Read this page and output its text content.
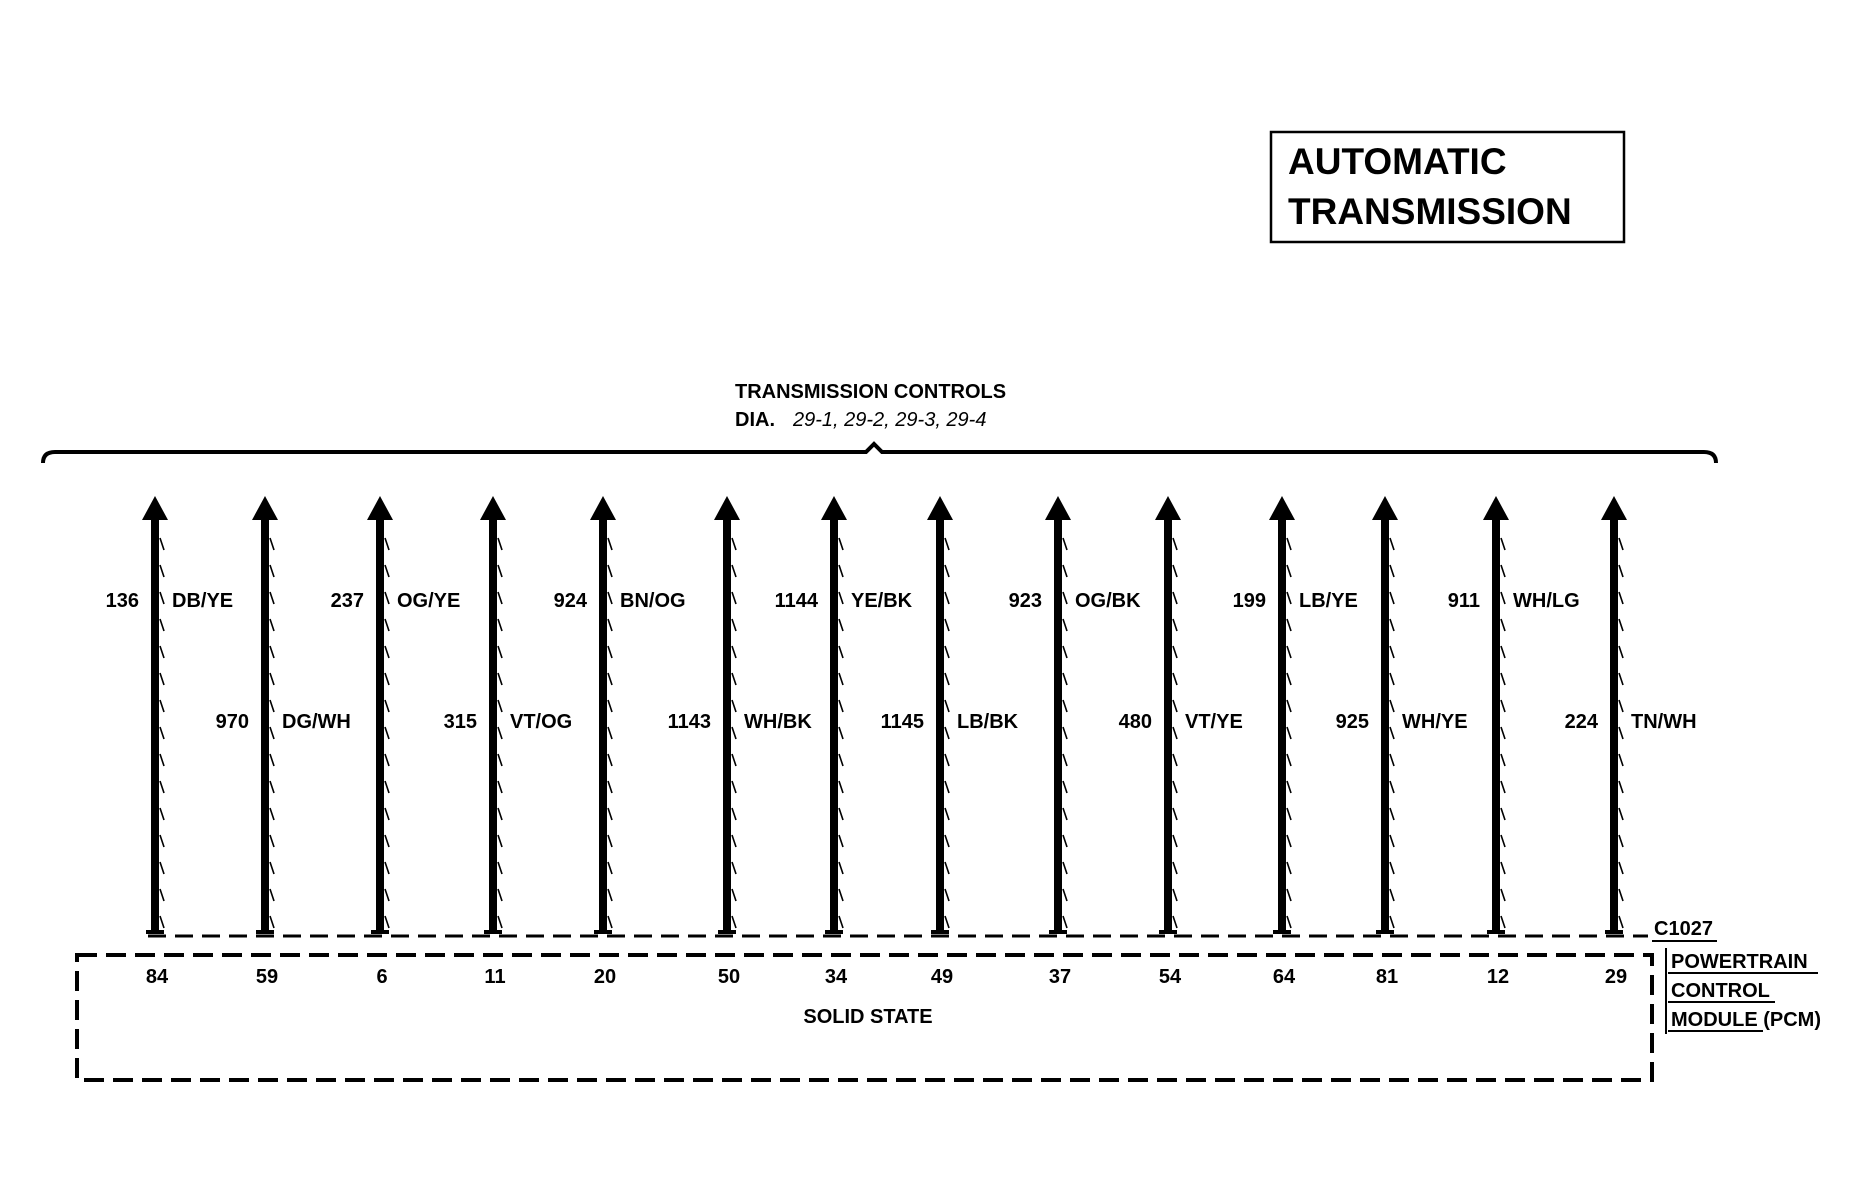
AUTOMATIC
TRANSMISSION
TRANSMISSION CONTROLS
DIA. 29-1, 29-2, 29-3, 29-4
136 DB/YE
84
970 DG/WH
59
237 OG/YE
6
315 VT/OG
11
924 BN/OG
20
1143 WH/BK
50
1144 YE/BK
34
1145 LB/BK
49
923 OG/BK
37
480 VT/YE
54
199 LB/YE
64
925 WH/YE
81
911 WH/LG
12
224 TN/WH
29
C1027
SOLID STATE
POWERTRAIN
CONTROL
MODULE (PCM)
